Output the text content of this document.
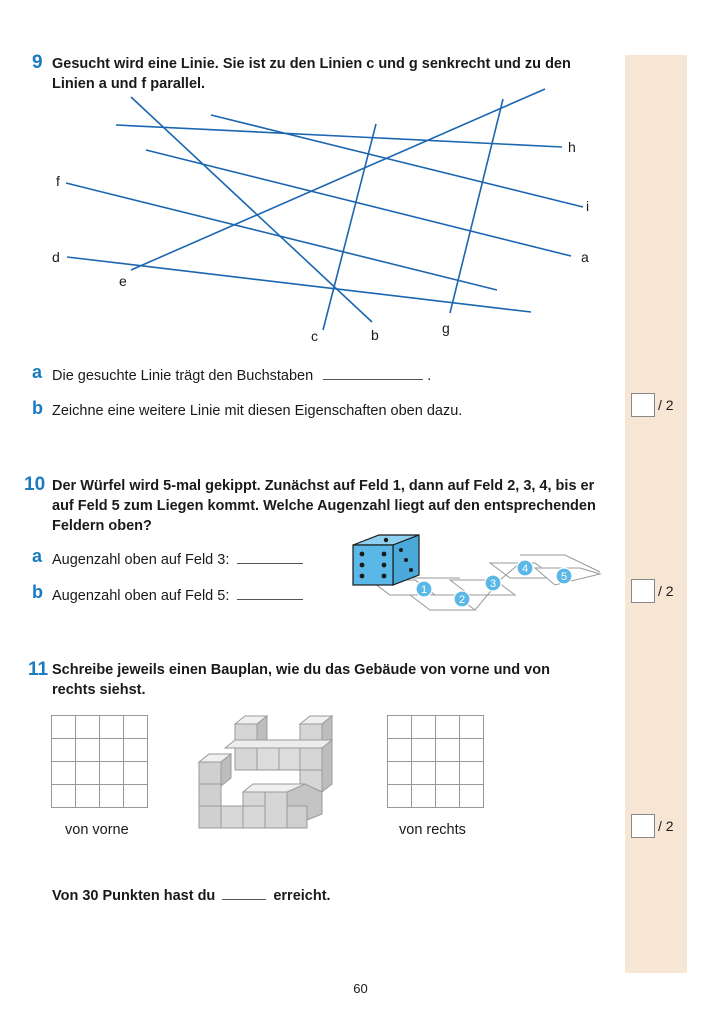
9 Gesucht wird eine Linie. Sie ist zu den Linien c und g senkrecht und zu den Linien a und f parallel.
h
i
a
f
d
e
c	b	g
a Die gesuchte Linie trägt den Buchstaben	.
b Zeichne eine weitere Linie mit diesen Eigenschaften oben dazu.	/ 2
10 Der Würfel wird 5-mal gekippt. Zunächst auf Feld 1, dann auf Feld 2, 3, 4, bis er auf Feld 5 zum Liegen kommt. Welche Augenzahl liegt auf den entsprechenden Feldern oben?
a Augenzahl oben auf Feld 3:
b Augenzahl oben auf Feld 5:	1
2
3
4
5
/ 2
11 Schreibe jeweils einen Bauplan, wie du das Gebäude von vorne und von rechts siehst.

von vorne

				von rechts	/ 2
Von 30 Punkten hast du	erreicht.
60
